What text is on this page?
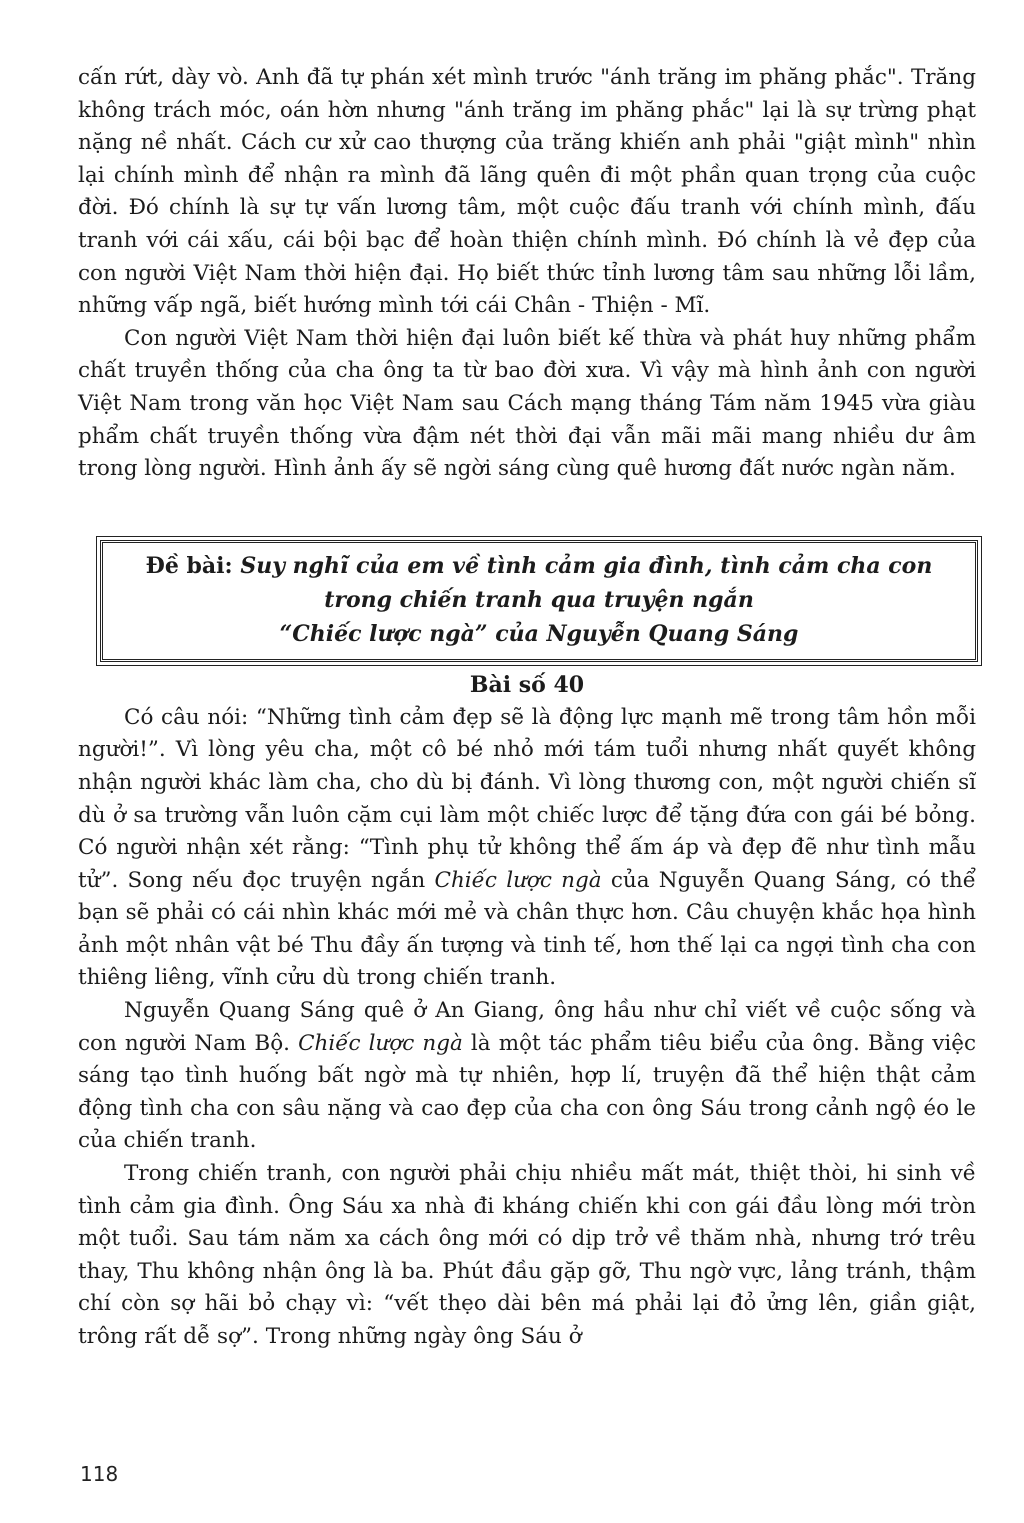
cấn rứt, dày vò. Anh đã tự phán xét mình trước "ánh trăng im phăng phắc". Trăng không trách móc, oán hờn nhưng "ánh trăng im phăng phắc" lại là sự trừng phạt nặng nề nhất. Cách cư xử cao thượng của trăng khiến anh phải "giật mình" nhìn lại chính mình để nhận ra mình đã lãng quên đi một phần quan trọng của cuộc đời. Đó chính là sự tự vấn lương tâm, một cuộc đấu tranh với chính mình, đấu tranh với cái xấu, cái bội bạc để hoàn thiện chính mình. Đó chính là vẻ đẹp của con người Việt Nam thời hiện đại. Họ biết thức tỉnh lương tâm sau những lỗi lầm, những vấp ngã, biết hướng mình tới cái Chân - Thiện - Mĩ.

Con người Việt Nam thời hiện đại luôn biết kế thừa và phát huy những phẩm chất truyền thống của cha ông ta từ bao đời xưa. Vì vậy mà hình ảnh con người Việt Nam trong văn học Việt Nam sau Cách mạng tháng Tám năm 1945 vừa giàu phẩm chất truyền thống vừa đậm nét thời đại vẫn mãi mãi mang nhiều dư âm trong lòng người. Hình ảnh ấy sẽ ngời sáng cùng quê hương đất nước ngàn năm.

Đề bài: Suy nghĩ của em về tình cảm gia đình, tình cảm cha con
trong chiến tranh qua truyện ngắn
“Chiếc lược ngà” của Nguyễn Quang Sáng
Bài số 40

Có câu nói: “Những tình cảm đẹp sẽ là động lực mạnh mẽ trong tâm hồn mỗi người!”. Vì lòng yêu cha, một cô bé nhỏ mới tám tuổi nhưng nhất quyết không nhận người khác làm cha, cho dù bị đánh. Vì lòng thương con, một người chiến sĩ dù ở sa trường vẫn luôn cặm cụi làm một chiếc lược để tặng đứa con gái bé bỏng. Có người nhận xét rằng: “Tình phụ tử không thể ấm áp và đẹp đẽ như tình mẫu tử”. Song nếu đọc truyện ngắn Chiếc lược ngà của Nguyễn Quang Sáng, có thể bạn sẽ phải có cái nhìn khác mới mẻ và chân thực hơn. Câu chuyện khắc họa hình ảnh một nhân vật bé Thu đầy ấn tượng và tinh tế, hơn thế lại ca ngợi tình cha con thiêng liêng, vĩnh cửu dù trong chiến tranh.

Nguyễn Quang Sáng quê ở An Giang, ông hầu như chỉ viết về cuộc sống và con người Nam Bộ. Chiếc lược ngà là một tác phẩm tiêu biểu của ông. Bằng việc sáng tạo tình huống bất ngờ mà tự nhiên, hợp lí, truyện đã thể hiện thật cảm động tình cha con sâu nặng và cao đẹp của cha con ông Sáu trong cảnh ngộ éo le của chiến tranh.

Trong chiến tranh, con người phải chịu nhiều mất mát, thiệt thòi, hi sinh về tình cảm gia đình. Ông Sáu xa nhà đi kháng chiến khi con gái đầu lòng mới tròn một tuổi. Sau tám năm xa cách ông mới có dịp trở về thăm nhà, nhưng trớ trêu thay, Thu không nhận ông là ba. Phút đầu gặp gỡ, Thu ngờ vực, lảng tránh, thậm chí còn sợ hãi bỏ chạy vì: “vết thẹo dài bên má phải lại đỏ ửng lên, giần giật, trông rất dễ sợ”. Trong những ngày ông Sáu ở

118
